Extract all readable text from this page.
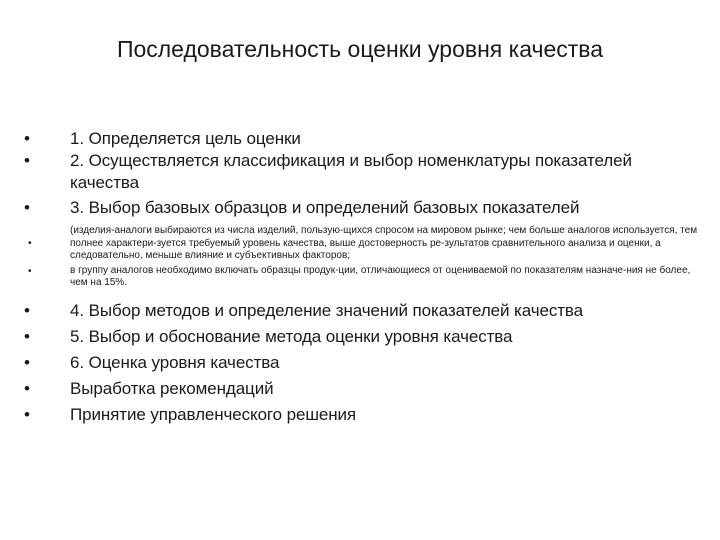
Последовательность оценки уровня качества
• 1. Определяется цель оценки
• 2. Осуществляется классификация и выбор номенклатуры показателей качества
• 3. Выбор базовых образцов и определений базовых показателей
•
(изделия-аналоги выбираются из числа изделий, пользую-щихся спросом на мировом рынке; чем больше аналогов используется, тем полнее характери-зуется требуемый уровень качества, выше достоверность ре-зультатов сравнительного анализа и оценки, а следовательно, меньше влияние и субъективных факторов;
•	в группу аналогов необходимо включать образцы продук-ции, отличающиеся от оцениваемой по показателям назначе-ния не более, чем на 15%.
• 4. Выбор методов и определение значений показателей качества
• 5. Выбор и обоснование метода оценки уровня качества
• 6. Оценка уровня качества
• Выработка рекомендаций
• Принятие управленческого решения
